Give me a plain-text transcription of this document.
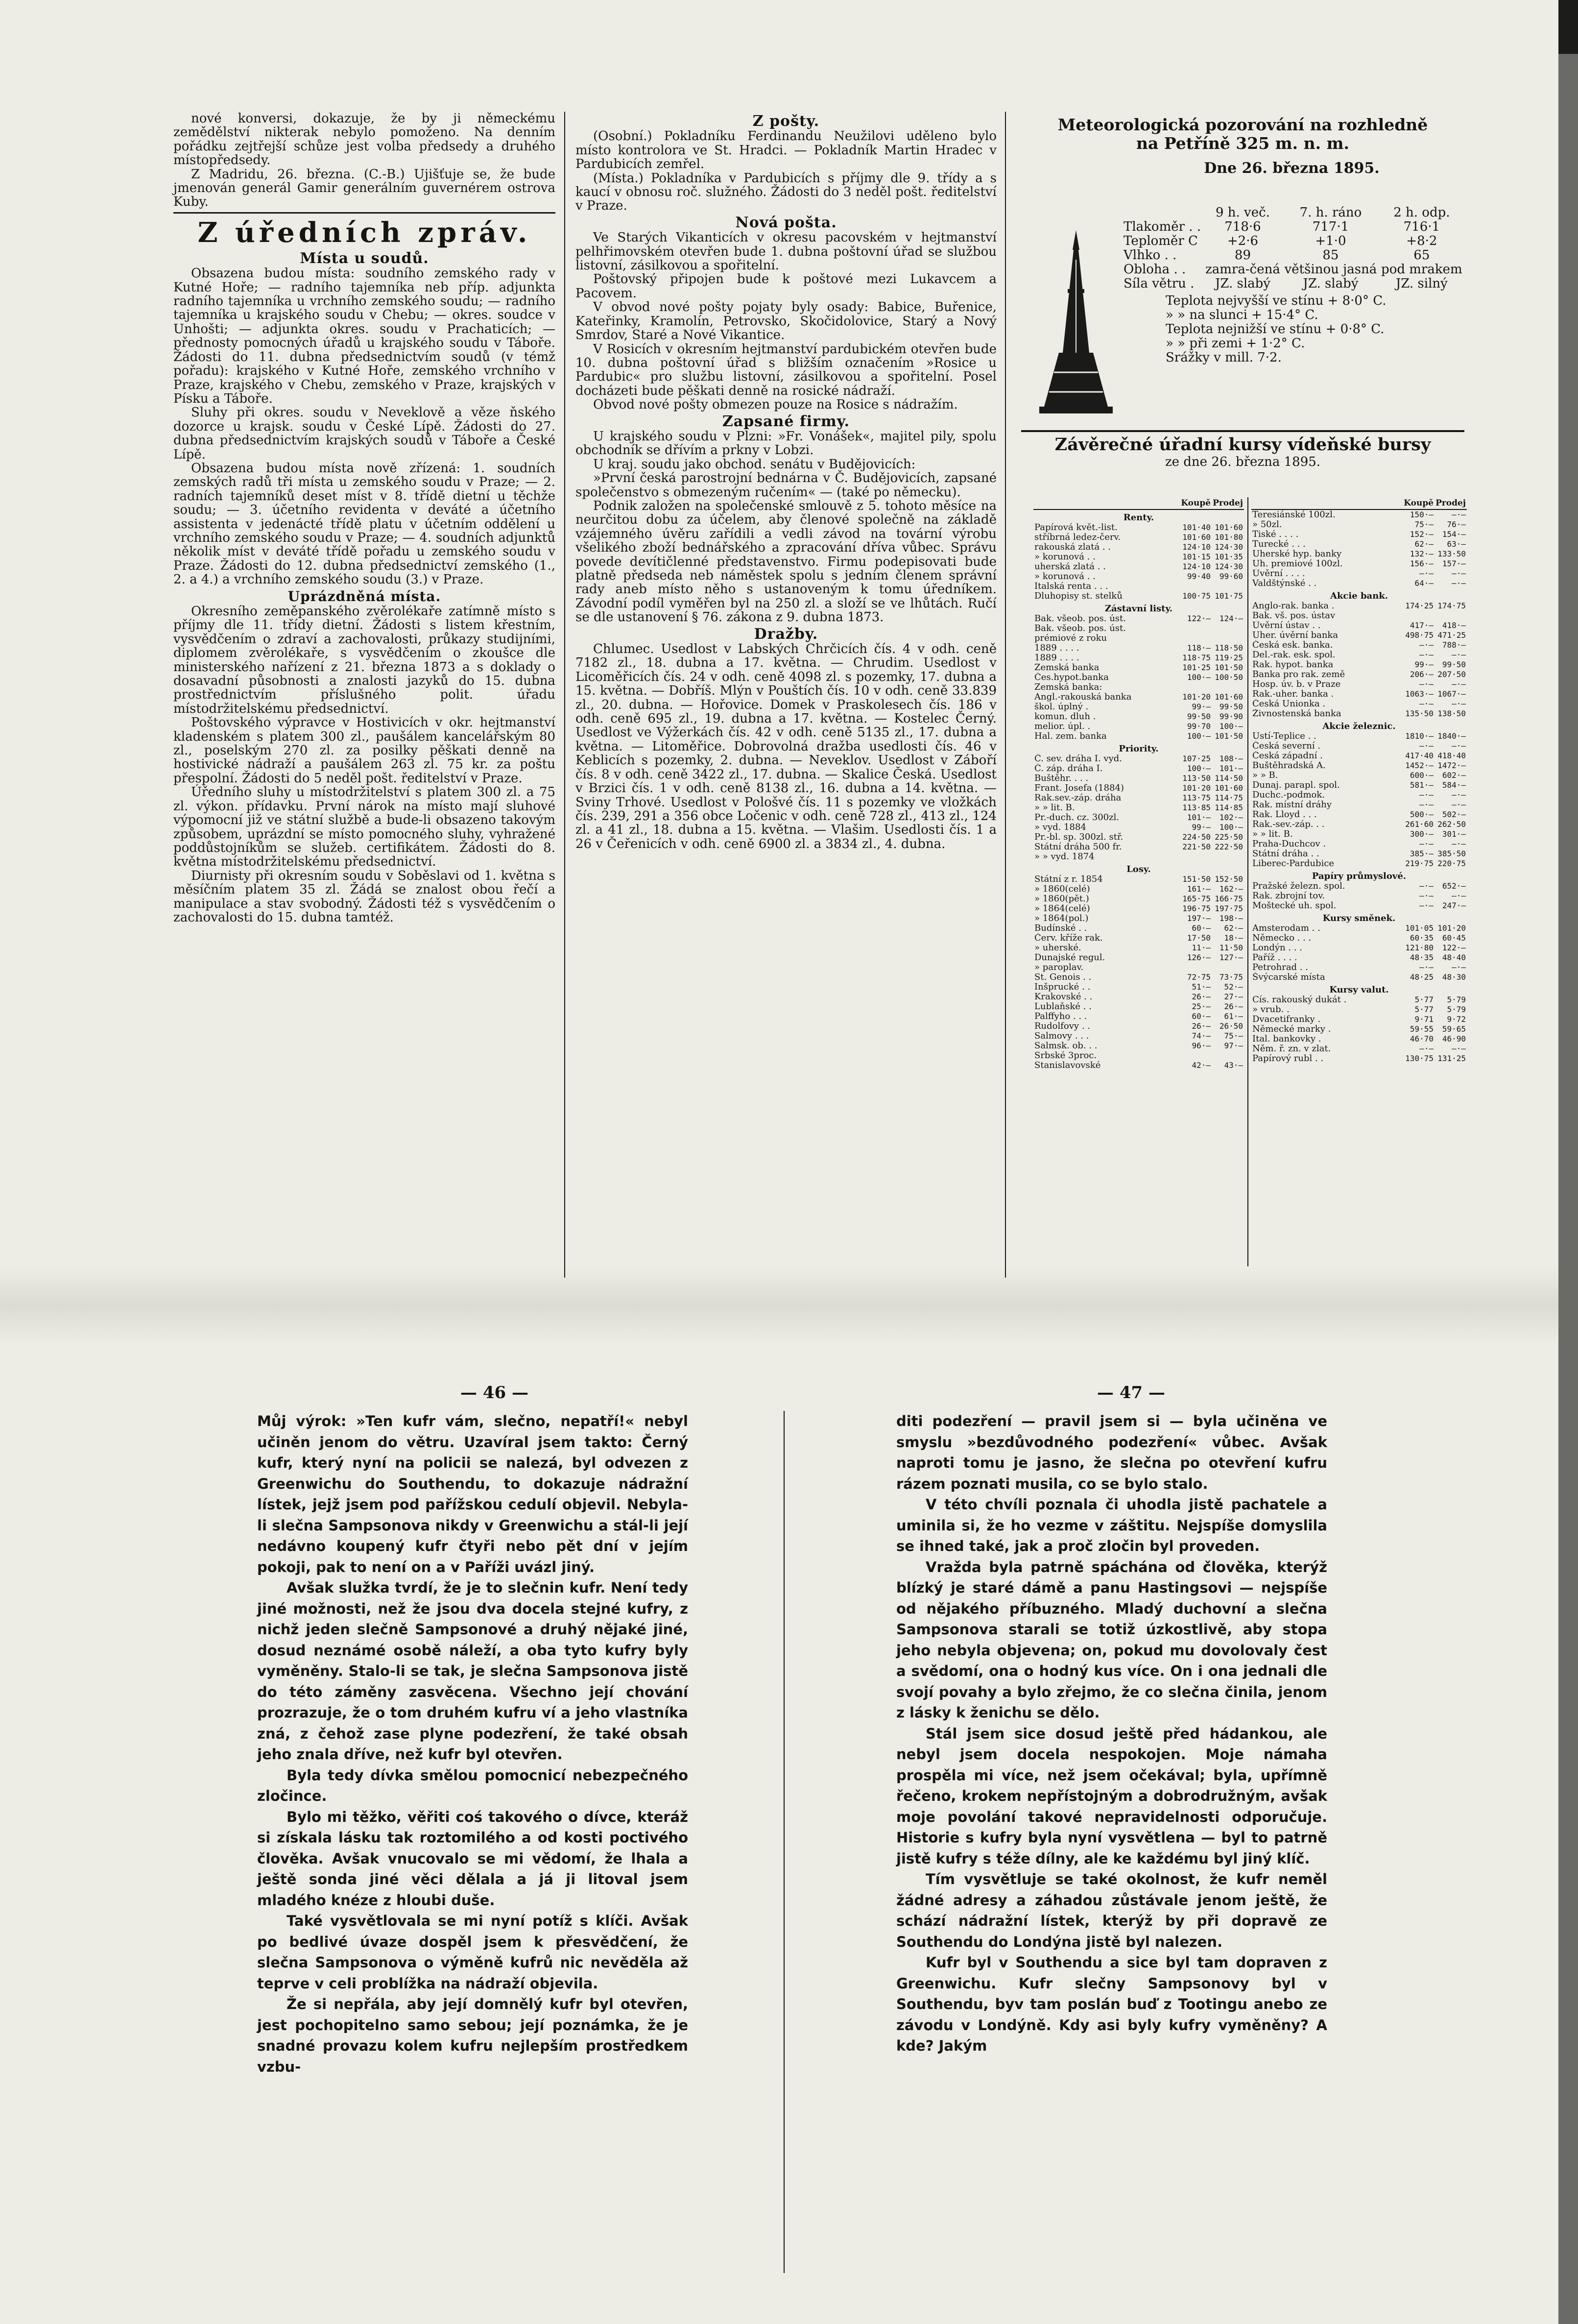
nové konversi, dokazuje, že by ji německému zemědělství nikterak nebylo pomoženo. Na denním pořádku zejtřejší schůze jest volba předsedy a druhého místopředsedy.

Z Madridu, 26. března. (C.-B.) Ujišťuje se, že bude jmenován generál Gamir generálním guvernérem ostrova Kuby.

Z úředních zpráv.
Místa u soudů.

Obsazena budou místa: soudního zemského rady v Kutné Hoře; — radního tajemníka neb příp. adjunkta radního tajemníka u vrchního zemského soudu; — radního tajemníka u krajského soudu v Chebu; — okres. soudce v Unhošti; — adjunkta okres. soudu v Prachaticích; — přednosty pomocných úřadů u krajského soudu v Táboře. Žádosti do 11. dubna předsednictvím soudů (v témž pořadu): krajského v Kutné Hoře, zemského vrchního v Praze, krajského v Chebu, zemského v Praze, krajských v Písku a Táboře.

Sluhy při okres. soudu v Neveklově a věze ňského dozorce u krajsk. soudu v České Lípě. Žádosti do 27. dubna předsednictvím krajských soudů v Táboře a České Lípě.

Obsazena budou místa nově zřízená: 1. soudních zemských radů tři místa u zemského soudu v Praze; — 2. radních tajemníků deset míst v 8. třídě dietní u těchže soudu; — 3. účetního revidenta v deváté a účetního assistenta v jedenácté třídě platu v účetním oddělení u vrchního zemského soudu v Praze; — 4. soudních adjunktů několik míst v deváté třídě pořadu u zemského soudu v Praze. Žádosti do 12. dubna předsednictví zemského (1., 2. a 4.) a vrchního zemského soudu (3.) v Praze.

Uprázdněná místa.

Okresního zeměpanského zvěrolékaře zatímně místo s příjmy dle 11. třídy dietní. Žádosti s listem křestním, vysvědčením o zdraví a zachovalosti, průkazy studijními, diplomem zvěrolékaře, s vysvědčením o zkoušce dle ministerského nařízení z 21. března 1873 a s doklady o dosavadní působnosti a znalosti jazyků do 15. dubna prostřednictvím příslušného polit. úřadu místodržitelskému předsednictví.

Poštovského výpravce v Hostivicích v okr. hejtmanství kladenském s platem 300 zl., paušálem kancelářským 80 zl., poselským 270 zl. za posilky pěškati denně na hostivické nádraží a paušálem 263 zl. 75 kr. za poštu přespolní. Žádosti do 5 neděl pošt. ředitelství v Praze.

Úředního sluhy u místodržitelství s platem 300 zl. a 75 zl. výkon. přídavku. První nárok na místo mají sluhové výpomocní již ve státní službě a bude-li obsazeno takovým způsobem, uprázdní se místo pomocného sluhy, vyhražené poddůstojníkům se služeb. certifikátem. Žádosti do 8. května místodržitelskému předsednictví.

Diurnisty při okresním soudu v Soběslavi od 1. května s měsíčním platem 35 zl. Žádá se znalost obou řečí a manipulace a stav svobodný. Žádosti též s vysvědčením o zachovalosti do 15. dubna tamtéž.

Z pošty.

(Osobní.) Pokladníku Ferdinandu Neužilovi uděleno bylo místo kontrolora ve St. Hradci. — Pokladník Martin Hradec v Pardubicích zemřel.

(Místa.) Pokladníka v Pardubicích s příjmy dle 9. třídy a s kaucí v obnosu roč. služného. Žádosti do 3 neděl pošt. ředitelství v Praze.

Nová pošta.

Ve Starých Vikanticích v okresu pacovském v hejtmanství pelhřimovském otevřen bude 1. dubna poštovní úřad se službou listovní, zásilkovou a spořitelní.

Poštovský připojen bude k poštové mezi Lukavcem a Pacovem.

V obvod nové pošty pojaty byly osady: Babice, Buřenice, Kateřinky, Kramolín, Petrovsko, Skočidolovice, Starý a Nový Smrdov, Staré a Nové Vikantice.

V Rosicích v okresním hejtmanství pardubickém otevřen bude 10. dubna poštovní úřad s bližším označením »Rosice u Pardubic« pro službu listovní, zásilkovou a spořitelní. Posel docházeti bude pěškati denně na rosické nádraží.

Obvod nové pošty obmezen pouze na Rosice s nádražím.

Zapsané firmy.

U krajského soudu v Plzni: »Fr. Vonášek«, majitel pily, spolu obchodník se dřívím a prkny v Lobzi.

U kraj. soudu jako obchod. senátu v Budějovicích:

»První česká parostrojní bednárna v Č. Budějovicích, zapsané společenstvo s obmezeným ručením« — (také po německu).

Podnik založen na společenské smlouvě z 5. tohoto měsíce na neurčitou dobu za účelem, aby členové společně na základě vzájemného úvěru zařídili a vedli závod na tovární výrobu všelikého zboží bednářského a zpracování dříva vůbec. Správu povede devítičlenné představenstvo. Firmu podepisovati bude platně předseda neb náměstek spolu s jedním členem správní rady aneb místo něho s ustanoveným k tomu úředníkem. Závodní podíl vyměřen byl na 250 zl. a složí se ve lhůtách. Ručí se dle ustanovení § 76. zákona z 9. dubna 1873.

Dražby.

Chlumec. Usedlost v Labských Chrčicích čís. 4 v odh. ceně 7182 zl., 18. dubna a 17. května. — Chrudim. Usedlost v Licoměřicích čís. 24 v odh. ceně 4098 zl. s pozemky, 17. dubna a 15. května. — Dobříš. Mlýn v Pouštích čís. 10 v odh. ceně 33.839 zl., 20. dubna. — Hořovice. Domek v Praskolesech čís. 186 v odh. ceně 695 zl., 19. dubna a 17. května. — Kostelec Černý. Usedlost ve Výžerkách čís. 42 v odh. ceně 5135 zl., 17. dubna a května. — Litoměřice. Dobrovolná dražba usedlosti čís. 46 v Keblicích s pozemky, 2. dubna. — Neveklov. Usedlost v Záboří čís. 8 v odh. ceně 3422 zl., 17. dubna. — Skalice Česká. Usedlost v Brzici čís. 1 v odh. ceně 8138 zl., 16. dubna a 14. května. — Sviny Trhové. Usedlost v Pološvé čís. 11 s pozemky ve vložkách čís. 239, 291 a 356 obce Ločenic v odh. ceně 728 zl., 413 zl., 124 zl. a 41 zl., 18. dubna a 15. května. — Vlašim. Usedlosti čís. 1 a 26 v Čeřenicích v odh. ceně 6900 zl. a 3834 zl., 4. dubna.

Meteorologická pozorování na rozhledně
na Petříně 325 m. n. m.
Dne 26. března 1895.
	9 h. več.	7. h. ráno	2 h. odp.
Tlakoměr . .	718·6	717·1	716·1
Teploměr C	+2·6	+1·0	+8·2
Vlhko . .	89	85	65
Obloha . .	zamra-čená	většinou jasná	pod mrakem
Síla větru .	JZ. slabý	JZ. slabý	JZ. silný
Teplota nejvyšší ve stínu + 8·0° C.
» » na slunci + 15·4° C.
Teplota nejnižší ve stínu + 0·8° C.
» » při zemi + 1·2° C.
Srážky v mill. 7·2.
Závěrečné úřadní kursy vídeňské bursy
ze dne 26. března 1895.
	Koupě	Prodej
Renty.		
Papírová květ.-list.	101·40	101·60
stříbrná ledez-červ.	101·60	101·80
rakouská zlatá . .	124·10	124·30
» korunová . .	101·15	101·35
uherská zlatá . .	124·10	124·30
» korunová . .	99·40	99·60
Italská renta . . .		
Dluhopisy st. stelků	100·75	101·75
Zástavní listy.		
Bak. všeob. pos. úst.	122·—	124·—
Bak. všeob. pos. úst.		
prémiové z roku		
1889 . . . .	118·—	118·50
1889 . . . .	118·75	119·25
Zemská banka	101·25	101·50
Čes.hypot.banka	100·—	100·50
Zemská banka:		
Angl.-rakouská banka	101·20	101·60
škol. úplný .	99·—	99·50
komun. dluh .	99·50	99·90
melior. úpl. .	99·70	100·—
Hal. zem. banka	100·—	101·50
Priority.		
Č. sev. dráha I. vyd.	107·25	108·—
Č. záp. dráha I.	100·—	101·—
Buštěhr. . . .	113·50	114·50
Frant. Josefa (1884)	101·20	101·60
Rak.sev.-záp. dráha	113·75	114·75
» » lit. B.	113·85	114·85
Pr.-duch. cz. 300zl.	101·—	102·—
» vyd. 1884	99·—	100·—
Pr.-bl. sp. 300zl. stř.	224·50	225·50
Státní dráha 500 fr.	221·50	222·50
» » vyd. 1874		
Losy.		
Státní z r. 1854	151·50	152·50
» 1860(celé)	161·—	162·—
» 1860(pět.)	165·75	166·75
» 1864(celé)	196·75	197·75
» 1864(pol.)	197·—	198·—
Budínské . .	60·—	62·—
Červ. kříže rak.	17·50	18·—
» uherské.	11·—	11·50
Dunajské regul.	126·—	127·—
» paroplav.		
St. Genois . .	72·75	73·75
Inšprucké . .	51·—	52·—
Krakovské . .	26·—	27·—
Lublaňské . .	25·—	26·—
Palffyho . . .	60·—	61·—
Rudolfovy . .	26·—	26·50
Salmovy . . .	74·—	75·—
Salmsk. ob. . .	96·—	97·—
Srbské 3proc.		
Stanislavovské	42·—	43·—
	Koupě	Prodej
Teresiánské 100zl.	150·—	—·—
» 50zl.	75·—	76·—
Tiské . . . .	152·—	154·—
Turecké . . .	62·—	63·—
Uherské hyp. banky	132·—	133·50
Uh. premiové 100zl.	156·—	157·—
Úvěrní . . . .	—·—	—·—
Valdštýnské . .	64·—	—·—
Akcie bank.		
Anglo-rak. banka .	174·25	174·75
Bak. vš. pos. ústav		
Úvěrní ústav . .	417·—	418·—
Uher. úvěrní banka	498·75	471·25
Česká esk. banka.	—·—	788·—
Del.-rak. esk. spol.	—·—	—·—
Rak. hypot. banka	99·—	99·50
Banka pro rak. země	206·—	207·50
Hosp. úv. b. v Praze	—·—	—·—
Rak.-uher. banka .	1063·—	1067·—
Česká Unionka .	—·—	—·—
Živnostenská banka	135·50	138·50
Akcie železnic.		
Ústí-Teplice . .	1810·—	1840·—
Česká severní .	—·—	—·—
Česká západní .	417·40	418·40
Buštěhradská A.	1452·—	1472·—
» » B.	600·—	602·—
Dunaj. parapl. spol.	581·—	584·—
Duchc.-podmok.	—·—	—·—
Rak. místní dráhy	—·—	—·—
Rak. Lloyd . . .	500·—	502·—
Rak.-sev.-záp. . .	261·60	262·50
» » lit. B.	300·—	301·—
Praha-Duchcov .	—·—	—·—
Státní dráha . .	385·—	385·50
Liberec-Pardubice	219·75	220·75
Papíry průmyslové.		
Pražské železn. spol.	—·—	652·—
Rak. zbrojní tov.	—·—	—·—
Moštecké uh. spol.	—·—	247·—
Kursy směnek.		
Amsterodam . .	101·05	101·20
Německo . . .	60·35	60·45
Londýn . . .	121·80	122·—
Paříž . . . .	48·35	48·40
Petrohrad . .	—·—	—·—
Švýcarské místa	48·25	48·30
Kursy valut.		
Cís. rakouský dukát .	5·77	5·79
» vrub. .	5·77	5·79
Dvacetifranky .	9·71	9·72
Německé marky .	59·55	59·65
Ital. bankovky .	46·70	46·90
Něm. ř. zn. v zlat.	—·—	—·—
Papírový rubl . .	130·75	131·25
— 46 —	— 47 —

Můj výrok: »Ten kufr vám, slečno, nepatří!« nebyl učiněn jenom do větru. Uzavíral jsem takto: Černý kufr, který nyní na policii se nalezá, byl odvezen z Greenwichu do Southendu, to dokazuje nádražní lístek, jejž jsem pod pařížskou cedulí objevil. Nebyla-li slečna Sampsonova nikdy v Greenwichu a stál-li její nedávno koupený kufr čtyři nebo pět dní v jejím pokoji, pak to není on a v Paříži uvázl jiný.

Avšak služka tvrdí, že je to slečnin kufr. Není tedy jiné možnosti, než že jsou dva docela stejné kufry, z nichž jeden slečně Sampsonové a druhý nějaké jiné, dosud neznámé osobě náleží, a oba tyto kufry byly vyměněny. Stalo-li se tak, je slečna Sampsonova jistě do této záměny zasvěcena. Všechno její chování prozrazuje, že o tom druhém kufru ví a jeho vlastníka zná, z čehož zase plyne podezření, že také obsah jeho znala dříve, než kufr byl otevřen.

Byla tedy dívka smělou pomocnicí nebezpečného zločince.

Bylo mi těžko, věřiti coś takového o dívce, kteráž si získala lásku tak roztomilého a od kosti poctivého člověka. Avšak vnucovalo se mi vědomí, že lhala a ještě sonda jiné věci dělala a já ji litoval jsem mladého knéze z hloubi duše.

Také vysvětlovala se mi nyní potíž s klíči. Avšak po bedlivé úvaze dospěl jsem k přesvědčení, že slečna Sampsonova o výměně kufrů nic nevěděla až teprve v celi problížka na nádraží objevila.

Že si nepřála, aby její domnělý kufr byl otevřen, jest pochopitelno samo sebou; její poznámka, že je snadné provazu kolem kufru nejlepším prostředkem vzbu-

diti podezření — pravil jsem si — byla učiněna ve smyslu »bezdůvodného podezření« vůbec. Avšak naproti tomu je jasno, že slečna po otevření kufru rázem poznati musila, co se bylo stalo.

V této chvíli poznala či uhodla jistě pachatele a uminila si, že ho vezme v záštitu. Nejspíše domyslila se ihned také, jak a proč zločin byl proveden.

Vražda byla patrně spáchána od člověka, kterýž blízký je staré dámě a panu Hastingsovi — nejspíše od nějakého příbuzného. Mladý duchovní a slečna Sampsonova starali se totiž úzkostlivě, aby stopa jeho nebyla objevena; on, pokud mu dovolovaly čest a svědomí, ona o hodný kus více. On i ona jednali dle svojí povahy a bylo zřejmo, že co slečna činila, jenom z lásky k ženichu se dělo.

Stál jsem sice dosud ještě před hádankou, ale nebyl jsem docela nespokojen. Moje námaha prospěla mi více, než jsem očekával; byla, upřímně řečeno, krokem nepřístojným a dobrodružným, avšak moje povolání takové nepravidelnosti odporučuje. Historie s kufry byla nyní vysvětlena — byl to patrně jistě kufry s téže dílny, ale ke každému byl jiný klíč.

Tím vysvětluje se také okolnost, že kufr neměl žádné adresy a záhadou zůstávale jenom ještě, že schází nádražní lístek, kterýž by při dopravě ze Southendu do Londýna jistě byl nalezen.

Kufr byl v Southendu a sice byl tam dopraven z Greenwichu. Kufr slečny Sampsonovy byl v Southendu, byv tam poslán buď z Tootingu anebo ze závodu v Londýně. Kdy asi byly kufry vyměněny? A kde? Jakým
